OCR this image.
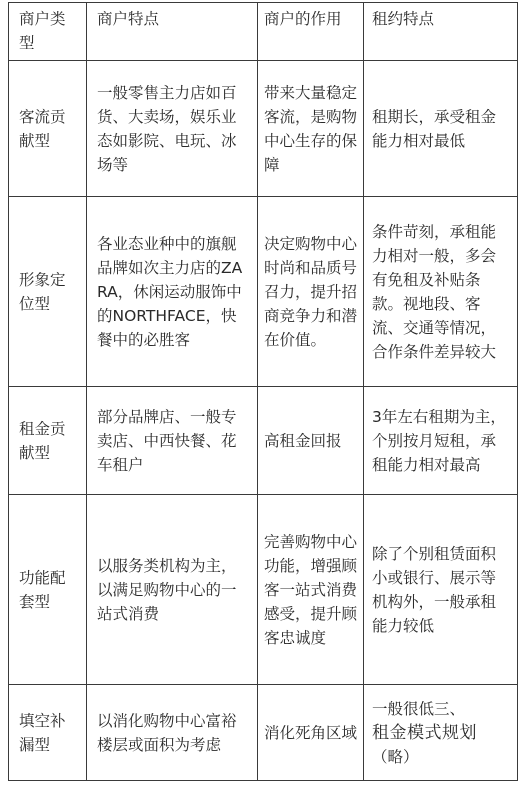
商户类型	商户特点	商户的作用	租约特点
客流贡献型	一般零售主力店如百货、大卖场，娱乐业态如影院、电玩、冰场等	带来大量稳定客流，是购物中心生存的保障	租期长，承受租金能力相对最低
形象定位型	各业态业种中的旗舰品牌如次主力店的ZARA，休闲运动服饰中的NORTHFACE，快餐中的必胜客	决定购物中心时尚和品质号召力，提升招商竞争力和潜在价值。	条件苛刻，承租能力相对一般，多会有免租及补贴条款。视地段、客流、交通等情况，合作条件差异较大
租金贡献型	部分品牌店、一般专卖店、中西快餐、花车租户	高租金回报	3年左右租期为主，个别按月短租，承租能力相对最高
功能配套型	以服务类机构为主，以满足购物中心的一站式消费	完善购物中心功能，增强顾客一站式消费感受，提升顾客忠诚度	除了个别租赁面积小或银行、展示等机构外，一般承租能力较低
填空补漏型	以消化购物中心富裕楼层或面积为考虑	消化死角区域	一般很低三、
租金模式规划
（略）
